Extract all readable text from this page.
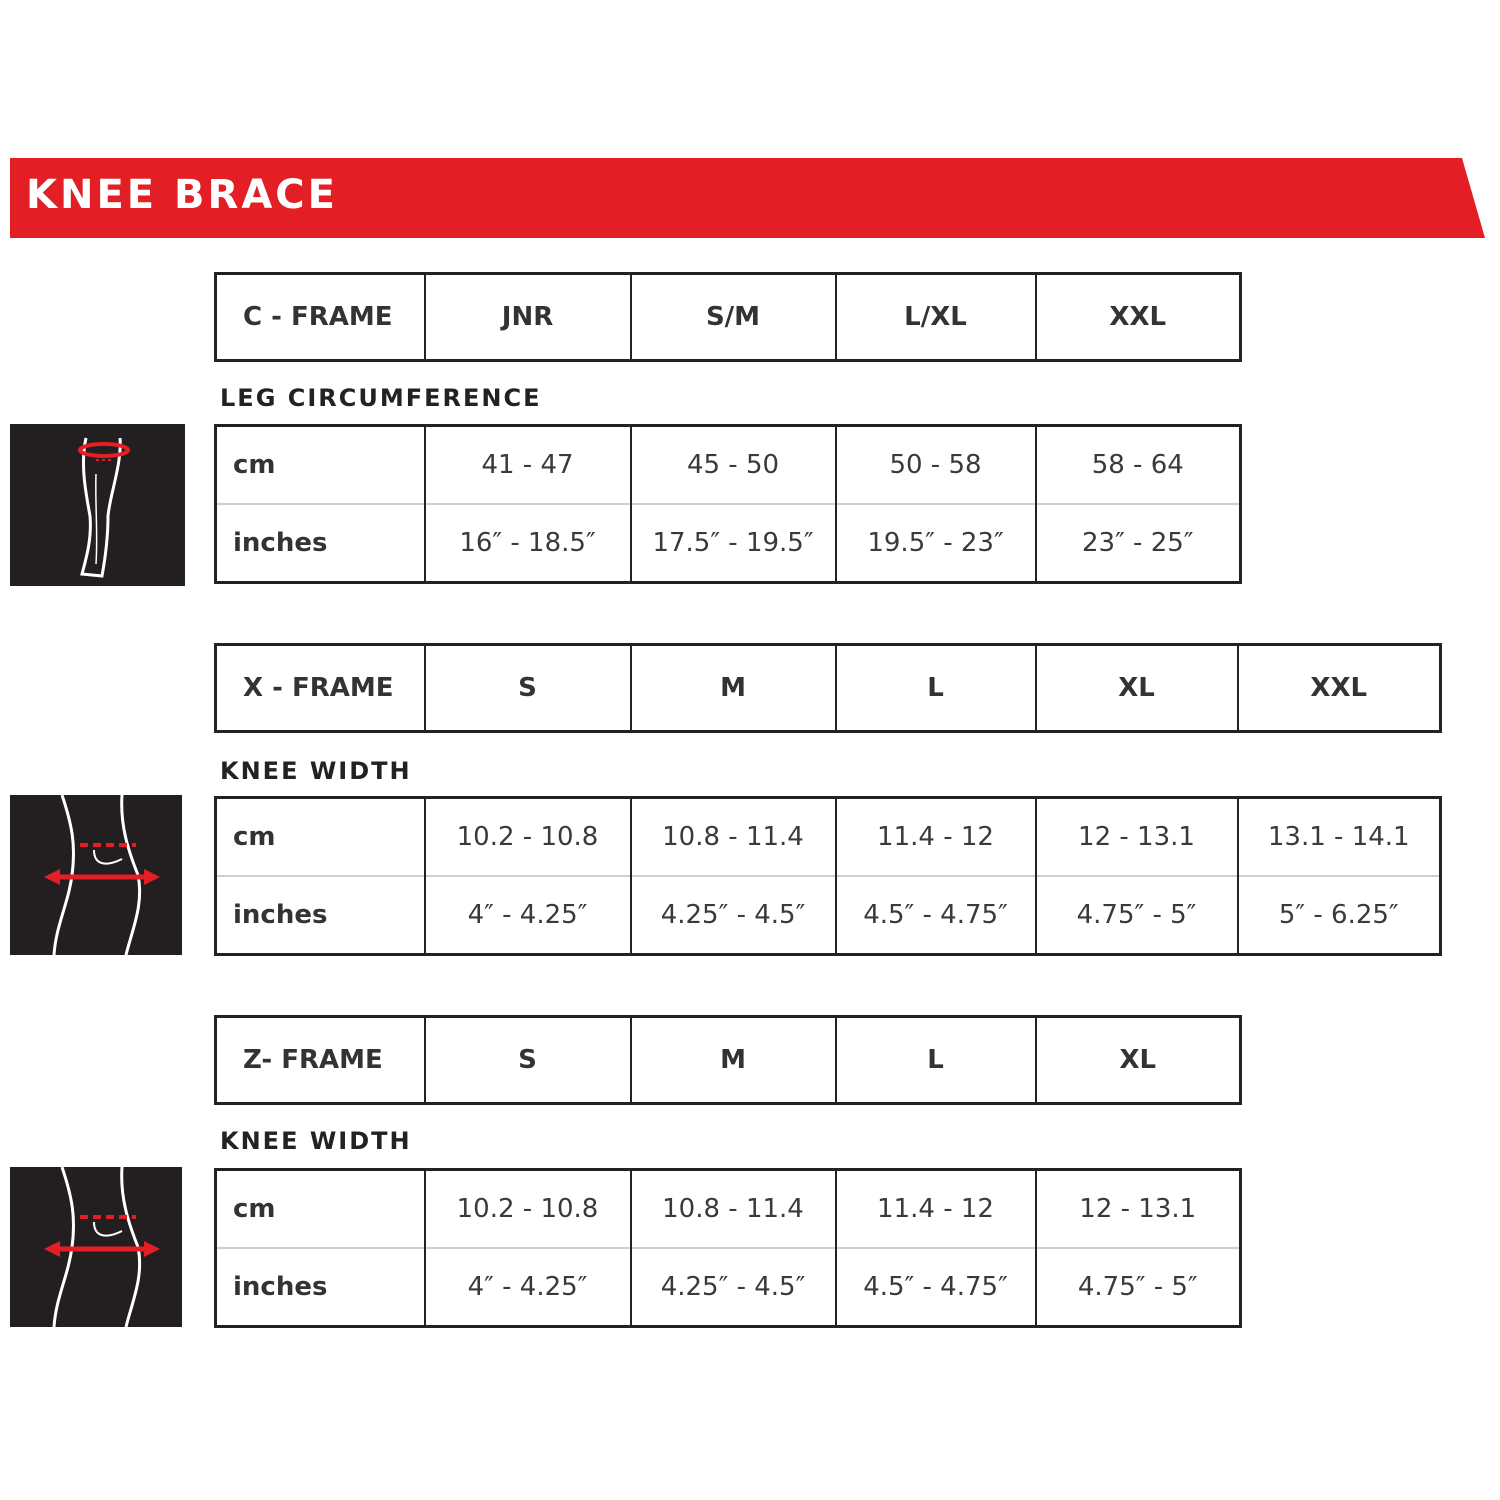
KNEE BRACE
C - FRAME	JNR	S/M	L/XL	XXL
LEG CIRCUMFERENCE
cm	41 - 47	45 - 50	50 - 58	58 - 64
inches	16″ - 18.5″	17.5″ - 19.5″	19.5″ - 23″	23″ - 25″
X - FRAME	S	M	L	XL	XXL
KNEE WIDTH
cm	10.2 - 10.8	10.8 - 11.4	11.4 - 12	12 - 13.1	13.1 - 14.1
inches	4″ - 4.25″	4.25″ - 4.5″	4.5″ - 4.75″	4.75″ - 5″	5″ - 6.25″
Z- FRAME	S	M	L	XL
KNEE WIDTH
cm	10.2 - 10.8	10.8 - 11.4	11.4 - 12	12 - 13.1
inches	4″ - 4.25″	4.25″ - 4.5″	4.5″ - 4.75″	4.75″ - 5″
